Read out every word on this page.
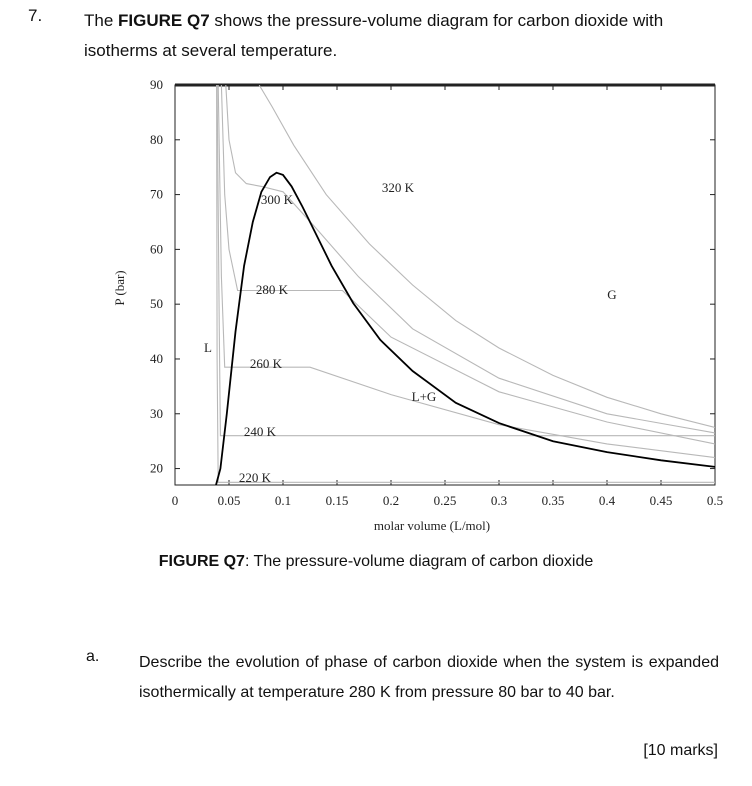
7. The FIGURE Q7 shows the pressure-volume diagram for carbon dioxide with isotherms at several temperature.
0	0.05	0.1	0.15	0.2	0.25	0.3	0.35	0.4	0.45	0.5
20
30
40
50
60
70
80
90
molar volume (L/mol)
P (bar)
L
L+G
G
320 K
300 K
280 K
260 K
240 K
220 K
FIGURE Q7: The pressure-volume diagram of carbon dioxide
a. Describe the evolution of phase of carbon dioxide when the system is expanded isothermically at temperature 280 K from pressure 80 bar to 40 bar.
[10 marks]
